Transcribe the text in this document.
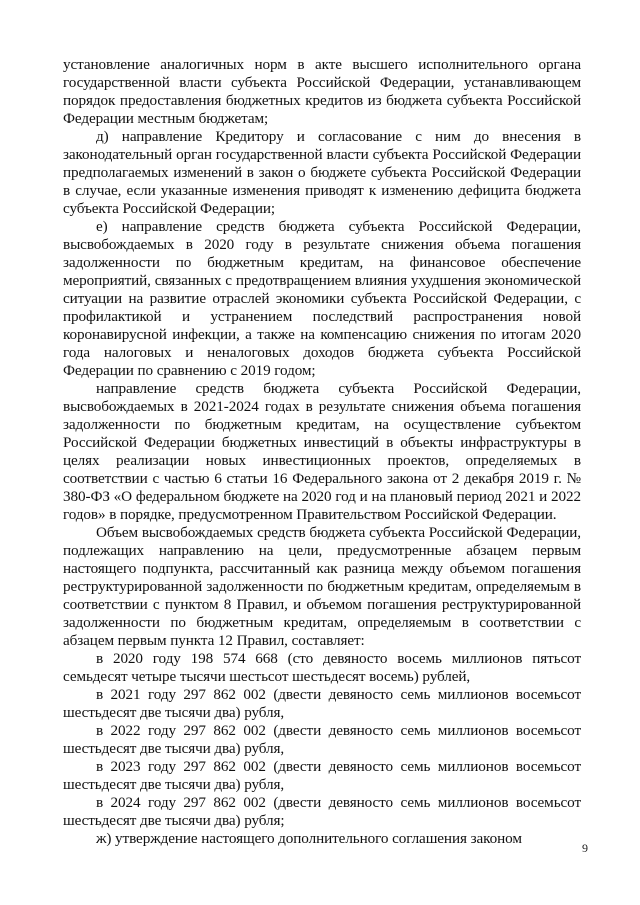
установление аналогичных норм в акте высшего исполнительного органа государственной власти субъекта Российской Федерации, устанавливающем порядок предоставления бюджетных кредитов из бюджета субъекта Российской Федерации местным бюджетам;

д) направление Кредитору и согласование с ним до внесения в законодательный орган государственной власти субъекта Российской Федерации предполагаемых изменений в закон о бюджете субъекта Российской Федерации в случае, если указанные изменения приводят к изменению дефицита бюджета субъекта Российской Федерации;

е) направление средств бюджета субъекта Российской Федерации, высвобождаемых в 2020 году в результате снижения объема погашения задолженности по бюджетным кредитам, на финансовое обеспечение мероприятий, связанных с предотвращением влияния ухудшения экономической ситуации на развитие отраслей экономики субъекта Российской Федерации, с профилактикой и устранением последствий распространения новой коронавирусной инфекции, а также на компенсацию снижения по итогам 2020 года налоговых и неналоговых доходов бюджета субъекта Российской Федерации по сравнению с 2019 годом;

направление средств бюджета субъекта Российской Федерации, высвобождаемых в 2021-2024 годах в результате снижения объема погашения задолженности по бюджетным кредитам, на осуществление субъектом Российской Федерации бюджетных инвестиций в объекты инфраструктуры в целях реализации новых инвестиционных проектов, определяемых в соответствии с частью 6 статьи 16 Федерального закона от 2 декабря 2019 г. № 380-ФЗ «О федеральном бюджете на 2020 год и на плановый период 2021 и 2022 годов» в порядке, предусмотренном Правительством Российской Федерации.

Объем высвобождаемых средств бюджета субъекта Российской Федерации, подлежащих направлению на цели, предусмотренные абзацем первым настоящего подпункта, рассчитанный как разница между объемом погашения реструктурированной задолженности по бюджетным кредитам, определяемым в соответствии с пунктом 8 Правил, и объемом погашения реструктурированной задолженности по бюджетным кредитам, определяемым в соответствии с абзацем первым пункта 12 Правил, составляет:

в 2020 году 198 574 668 (сто девяносто восемь миллионов пятьсот семьдесят четыре тысячи шестьсот шестьдесят восемь) рублей,

в 2021 году 297 862 002 (двести девяносто семь миллионов восемьсот шестьдесят две тысячи два) рубля,

в 2022 году 297 862 002 (двести девяносто семь миллионов восемьсот шестьдесят две тысячи два) рубля,

в 2023 году 297 862 002 (двести девяносто семь миллионов восемьсот шестьдесят две тысячи два) рубля,

в 2024 году 297 862 002 (двести девяносто семь миллионов восемьсот шестьдесят две тысячи два) рубля;

ж) утверждение настоящего дополнительного соглашения законом

9
